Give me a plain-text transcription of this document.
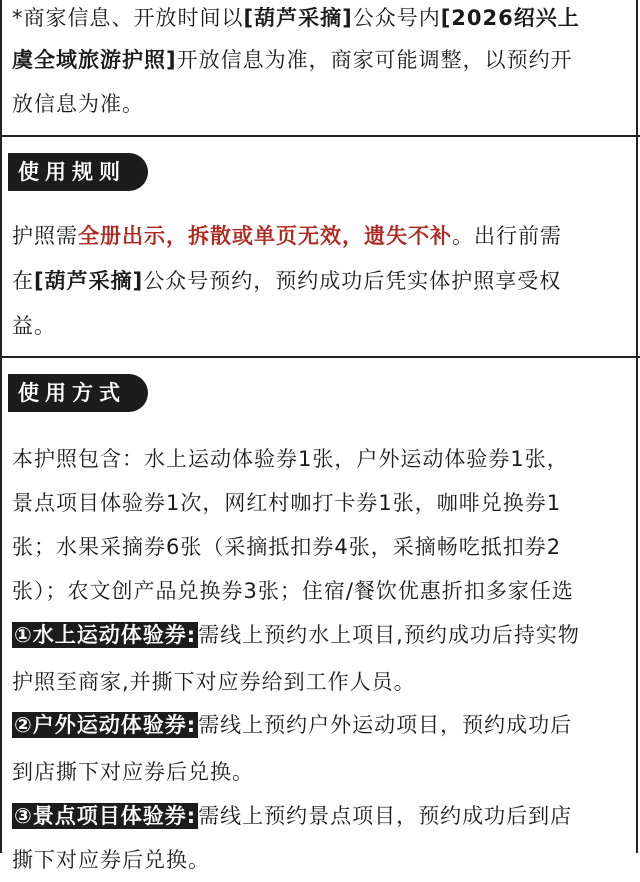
*商家信息、开放时间以[葫芦采摘]公众号内[2026绍兴上
虞全域旅游护照]开放信息为准，商家可能调整，以预约开
放信息为准。
使用规则
护照需全册出示，拆散或单页无效，遗失不补。出行前需
在[葫芦采摘]公众号预约，预约成功后凭实体护照享受权
益。
使用方式
本护照包含：水上运动体验券1张，户外运动体验券1张，
景点项目体验券1次，网红村咖打卡券1张，咖啡兑换券1
张；水果采摘券6张（采摘抵扣券4张，采摘畅吃抵扣券2
张）；农文创产品兑换券3张；住宿/餐饮优惠折扣多家任选
①水上运动体验券:需线上预约水上项目,预约成功后持实物
护照至商家,并撕下对应券给到工作人员。
②户外运动体验券:需线上预约户外运动项目，预约成功后
到店撕下对应券后兑换。
③景点项目体验券:需线上预约景点项目，预约成功后到店
撕下对应券后兑换。
